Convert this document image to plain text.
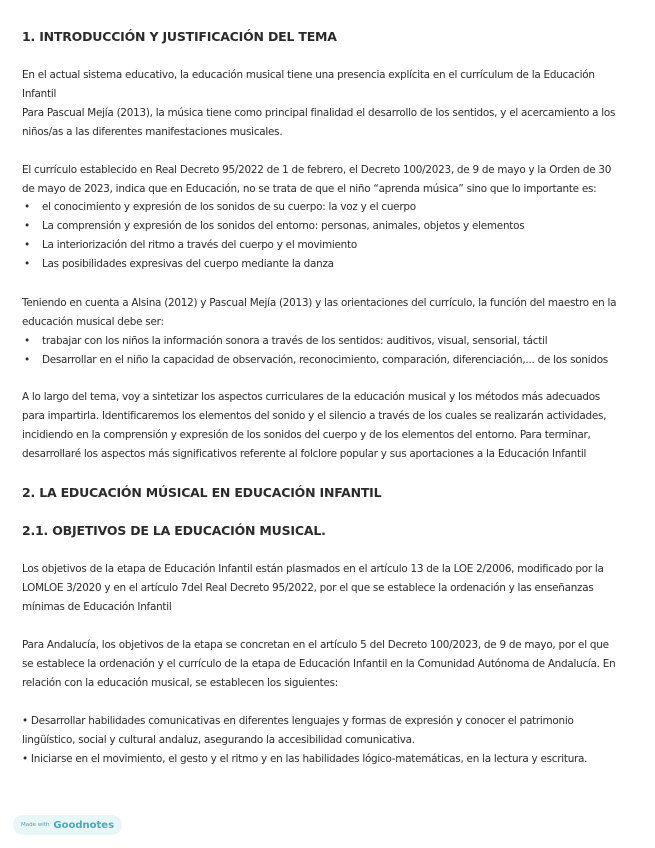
1. INTRODUCCIÓN Y JUSTIFICACIÓN DEL TEMA
En el actual sistema educativo, la educación musical tiene una presencia explícita en el currículum de la Educación Infantil
Para Pascual Mejía (2013), la música tiene como principal finalidad el desarrollo de los sentidos, y el acercamiento a los niños/as a las diferentes manifestaciones musicales.
El currículo establecido en Real Decreto 95/2022 de 1 de febrero, el Decreto 100/2023, de 9 de mayo y la Orden de 30 de mayo de 2023, indica que en Educación, no se trata de que el niño “aprenda música” sino que lo importante es:
• el conocimiento y expresión de los sonidos de su cuerpo: la voz y el cuerpo
• La comprensión y expresión de los sonidos del entorno: personas, animales, objetos y elementos
• La interiorización del ritmo a través del cuerpo y el movimiento
• Las posibilidades expresivas del cuerpo mediante la danza
Teniendo en cuenta a Alsina (2012) y Pascual Mejía (2013) y las orientaciones del currículo, la función del maestro en la educación musical debe ser:
• trabajar con los niños la información sonora a través de los sentidos: auditivos, visual, sensorial, táctil
• Desarrollar en el niño la capacidad de observación, reconocimiento, comparación, diferenciación,... de los sonidos
A lo largo del tema, voy a sintetizar los aspectos curriculares de la educación musical y los métodos más adecuados para impartirla. Identificaremos los elementos del sonido y el silencio a través de los cuales se realizarán actividades, incidiendo en la comprensión y expresión de los sonidos del cuerpo y de los elementos del entorno. Para terminar, desarrollaré los aspectos más significativos referente al folclore popular y sus aportaciones a la Educación Infantil
2. LA EDUCACIÓN MÚSICAL EN EDUCACIÓN INFANTIL
2.1. OBJETIVOS DE LA EDUCACIÓN MUSICAL.
Los objetivos de la etapa de Educación Infantil están plasmados en el artículo 13 de la LOE 2/2006, modificado por la LOMLOE 3/2020 y en el artículo 7del Real Decreto 95/2022, por el que se establece la ordenación y las enseñanzas mínimas de Educación Infantil
Para Andalucía, los objetivos de la etapa se concretan en el artículo 5 del Decreto 100/2023, de 9 de mayo, por el que se establece la ordenación y el currículo de la etapa de Educación Infantil en la Comunidad Autónoma de Andalucía. En relación con la educación musical, se establecen los siguientes:
• Desarrollar habilidades comunicativas en diferentes lenguajes y formas de expresión y conocer el patrimonio lingüístico, social y cultural andaluz, asegurando la accesibilidad comunicativa.
• Iniciarse en el movimiento, el gesto y el ritmo y en las habilidades lógico-matemáticas, en la lectura y escritura.
Made with Goodnotes
